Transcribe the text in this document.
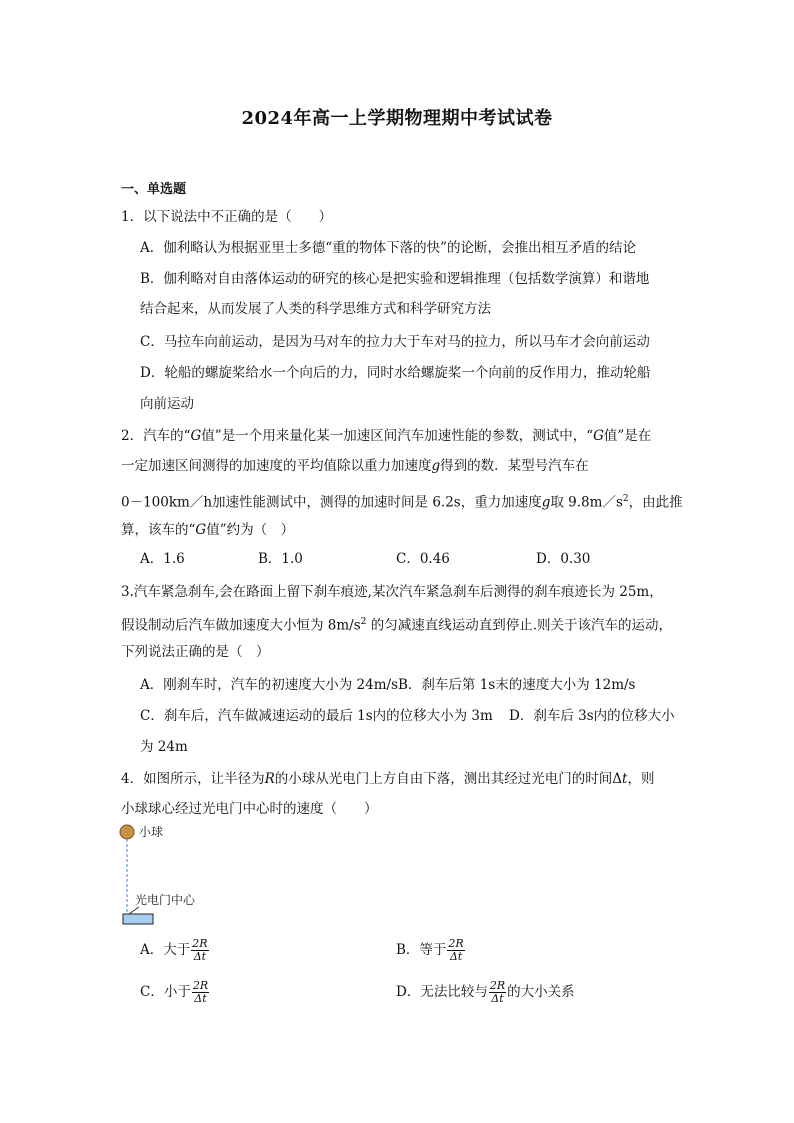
2024年高一上学期物理期中考试试卷
一、单选题
1．以下说法中不正确的是（　　）
A．伽利略认为根据亚里士多德“重的物体下落的快”的论断，会推出相互矛盾的结论
B．伽利略对自由落体运动的研究的核心是把实验和逻辑推理（包括数学演算）和谐地
结合起来，从而发展了人类的科学思维方式和科学研究方法
C．马拉车向前运动，是因为马对车的拉力大于车对马的拉力，所以马车才会向前运动
D．轮船的螺旋桨给水一个向后的力，同时水给螺旋桨一个向前的反作用力，推动轮船
向前运动
2．汽车的“G值”是一个用来量化某一加速区间汽车加速性能的参数，测试中，“G值”是在
一定加速区间测得的加速度的平均值除以重力加速度g得到的数．某型号汽车在
0－100km／h加速性能测试中，测得的加速时间是 6.2s，重力加速度g取 $9.8m/s^2$，由此推
算，该车的“G值”约为（　）
A．1.6	B．1.0	C．0.46	D．0.30
3.汽车紧急刹车,会在路面上留下刹车痕迹,某次汽车紧急刹车后测得的刹车痕迹长为 25m，
假设制动后汽车做加速度大小恒为 $8m/s^2$ 的匀减速直线运动直到停止.则关于该汽车的运动，
下列说法正确的是（　）
A．刚刹车时，汽车的初速度大小为 24m/sB．刹车后第 1s末的速度大小为 12m/s
C．刹车后，汽车做减速运动的最后 1s内的位移大小为 3m D．刹车后 3s内的位移大小
为 24m
4．如图所示，让半径为R的小球从光电门上方自由下落，测出其经过光电门的时间Δt，则
小球球心经过光电门中心时的速度（　　）
小球
光电门中心
A．大于 $\frac{2R}{\Delta t}$	B．等于 $\frac{2R}{\Delta t}$
C．小于 $\frac{2R}{\Delta t}$	D．无法比较与 $\frac{2R}{\Delta t}$ 的大小关系
